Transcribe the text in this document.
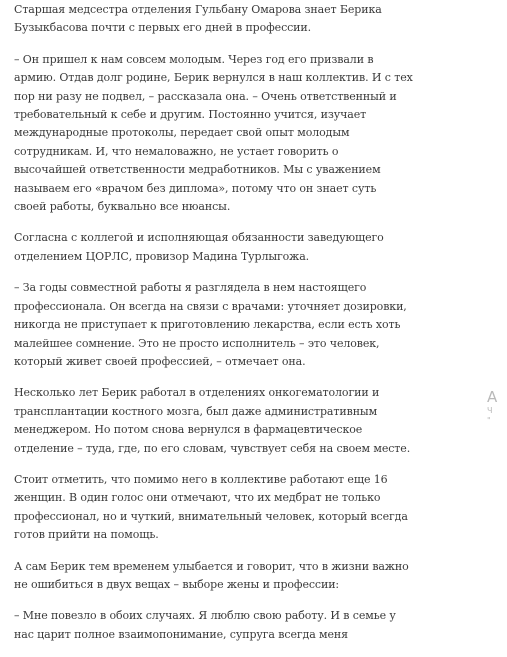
Старшая медсестра отделения Гульбану Омарова знает Берика
Бузыкбасова почти с первых его дней в профессии.

– Он пришел к нам совсем молодым. Через год его призвали в
армию. Отдав долг родине, Берик вернулся в наш коллектив. И с тех
пор ни разу не подвел, – рассказала она. – Очень ответственный и
требовательный к себе и другим. Постоянно учится, изучает
международные протоколы, передает свой опыт молодым
сотрудникам. И, что немаловажно, не устает говорить о
высочайшей ответственности медработников. Мы с уважением
называем его «врачом без диплома», потому что он знает суть
своей работы, буквально все нюансы.

Согласна с коллегой и исполняющая обязанности заведующего
отделением ЦОРЛС, провизор Мадина Турлыгожа.

– За годы совместной работы я разглядела в нем настоящего
профессионала. Он всегда на связи с врачами: уточняет дозировки,
никогда не приступает к приготовлению лекарства, если есть хоть
малейшее сомнение. Это не просто исполнитель – это человек,
который живет своей профессией, – отмечает она.

Несколько лет Берик работал в отделениях онкогематологии и
трансплантации костного мозга, был даже административным
менеджером. Но потом снова вернулся в фармацевтическое
отделение – туда, где, по его словам, чувствует себя на своем месте.

Стоит отметить, что помимо него в коллективе работают еще 16
женщин. В один голос они отмечают, что их медбрат не только
профессионал, но и чуткий, внимательный человек, который всегда
готов прийти на помощь.

А сам Берик тем временем улыбается и говорит, что в жизни важно
не ошибиться в двух вещах – выборе жены и профессии:

– Мне повезло в обоих случаях. Я люблю свою работу. И в семье у
нас царит полное взаимопонимание, супруга всегда меня

А
Ч
"
